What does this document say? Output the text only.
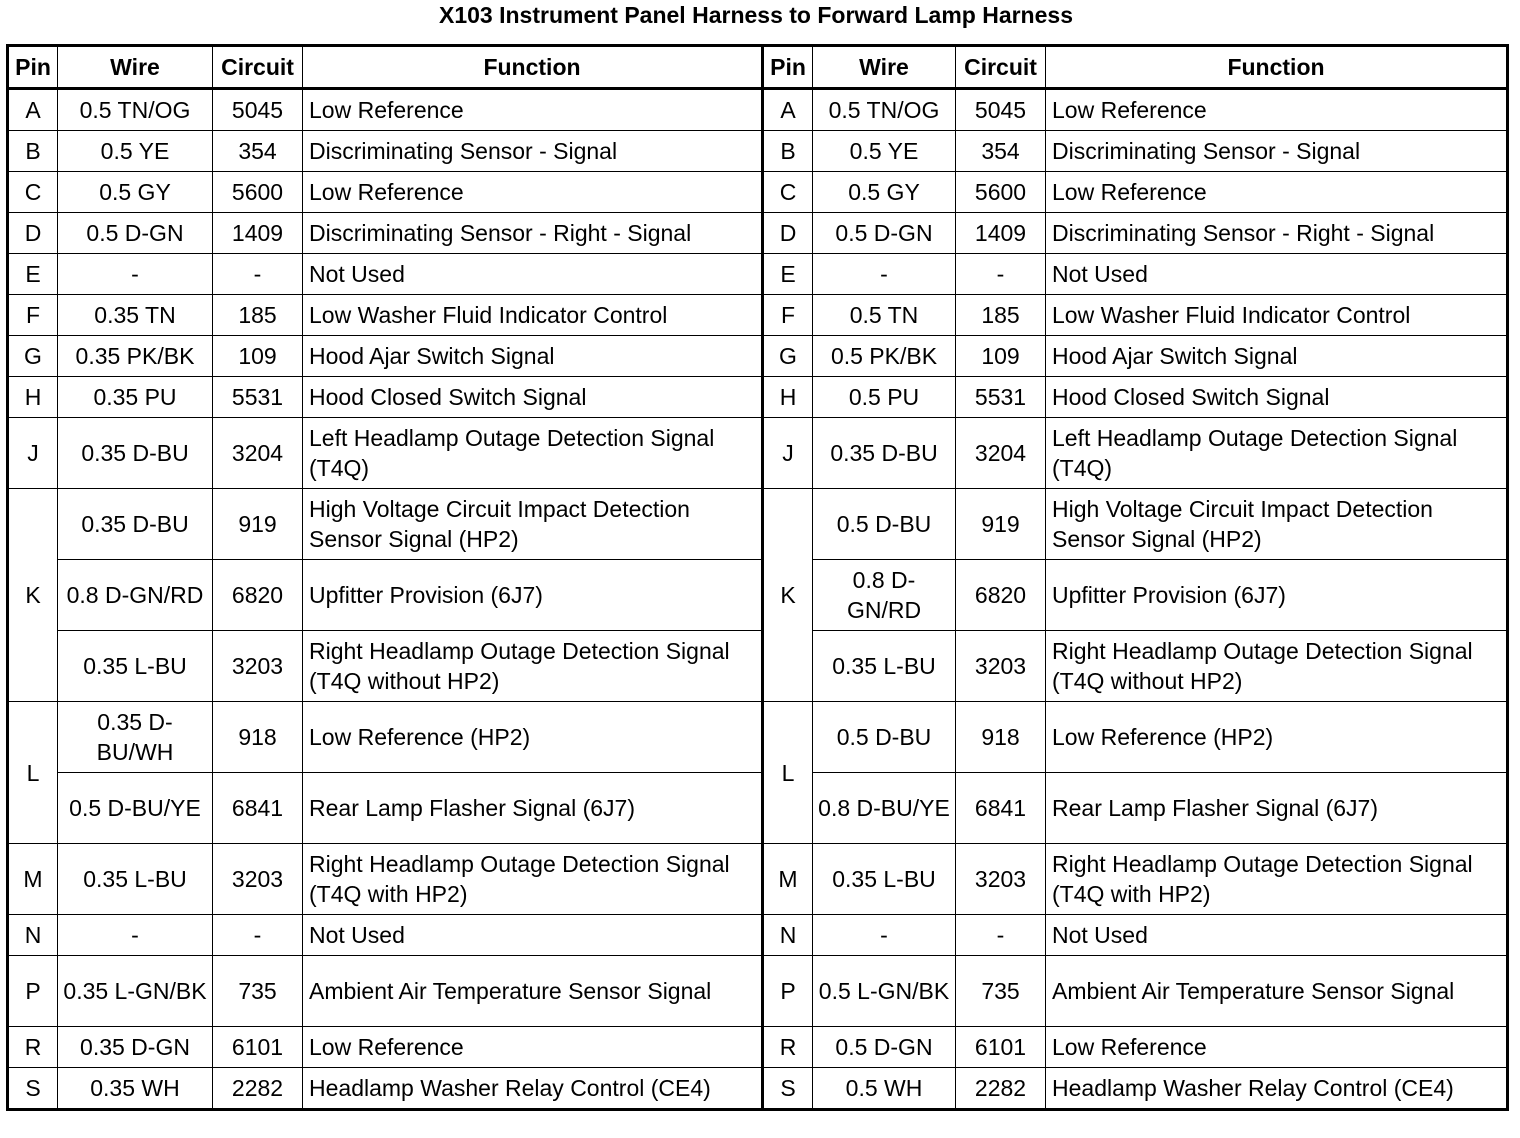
X103 Instrument Panel Harness to Forward Lamp Harness
Pin	Wire	Circuit	Function	Pin	Wire	Circuit	Function
A	0.5 TN/OG	5045	Low Reference	A	0.5 TN/OG	5045	Low Reference
B	0.5 YE	354	Discriminating Sensor - Signal	B	0.5 YE	354	Discriminating Sensor - Signal
C	0.5 GY	5600	Low Reference	C	0.5 GY	5600	Low Reference
D	0.5 D-GN	1409	Discriminating Sensor - Right - Signal	D	0.5 D-GN	1409	Discriminating Sensor - Right - Signal
E	-	-	Not Used	E	-	-	Not Used
F	0.35 TN	185	Low Washer Fluid Indicator Control	F	0.5 TN	185	Low Washer Fluid Indicator Control
G	0.35 PK/BK	109	Hood Ajar Switch Signal	G	0.5 PK/BK	109	Hood Ajar Switch Signal
H	0.35 PU	5531	Hood Closed Switch Signal	H	0.5 PU	5531	Hood Closed Switch Signal
J	0.35 D-BU	3204	Left Headlamp Outage Detection Signal (T4Q)	J	0.35 D-BU	3204	Left Headlamp Outage Detection Signal (T4Q)
K	0.35 D-BU	919	High Voltage Circuit Impact Detection Sensor Signal (HP2)	K	0.5 D-BU	919	High Voltage Circuit Impact Detection Sensor Signal (HP2)
	0.8 D-GN/RD	6820	Upfitter Provision (6J7)		0.8 D-GN/RD	6820	Upfitter Provision (6J7)
	0.35 L-BU	3203	Right Headlamp Outage Detection Signal (T4Q without HP2)		0.35 L-BU	3203	Right Headlamp Outage Detection Signal (T4Q without HP2)
L	0.35 D-BU/WH	918	Low Reference (HP2)	L	0.5 D-BU	918	Low Reference (HP2)
	0.5 D-BU/YE	6841	Rear Lamp Flasher Signal (6J7)		0.8 D-BU/YE	6841	Rear Lamp Flasher Signal (6J7)
M	0.35 L-BU	3203	Right Headlamp Outage Detection Signal (T4Q with HP2)	M	0.35 L-BU	3203	Right Headlamp Outage Detection Signal (T4Q with HP2)
N	-	-	Not Used	N	-	-	Not Used
P	0.35 L-GN/BK	735	Ambient Air Temperature Sensor Signal	P	0.5 L-GN/BK	735	Ambient Air Temperature Sensor Signal
R	0.35 D-GN	6101	Low Reference	R	0.5 D-GN	6101	Low Reference
S	0.35 WH	2282	Headlamp Washer Relay Control (CE4)	S	0.5 WH	2282	Headlamp Washer Relay Control (CE4)
